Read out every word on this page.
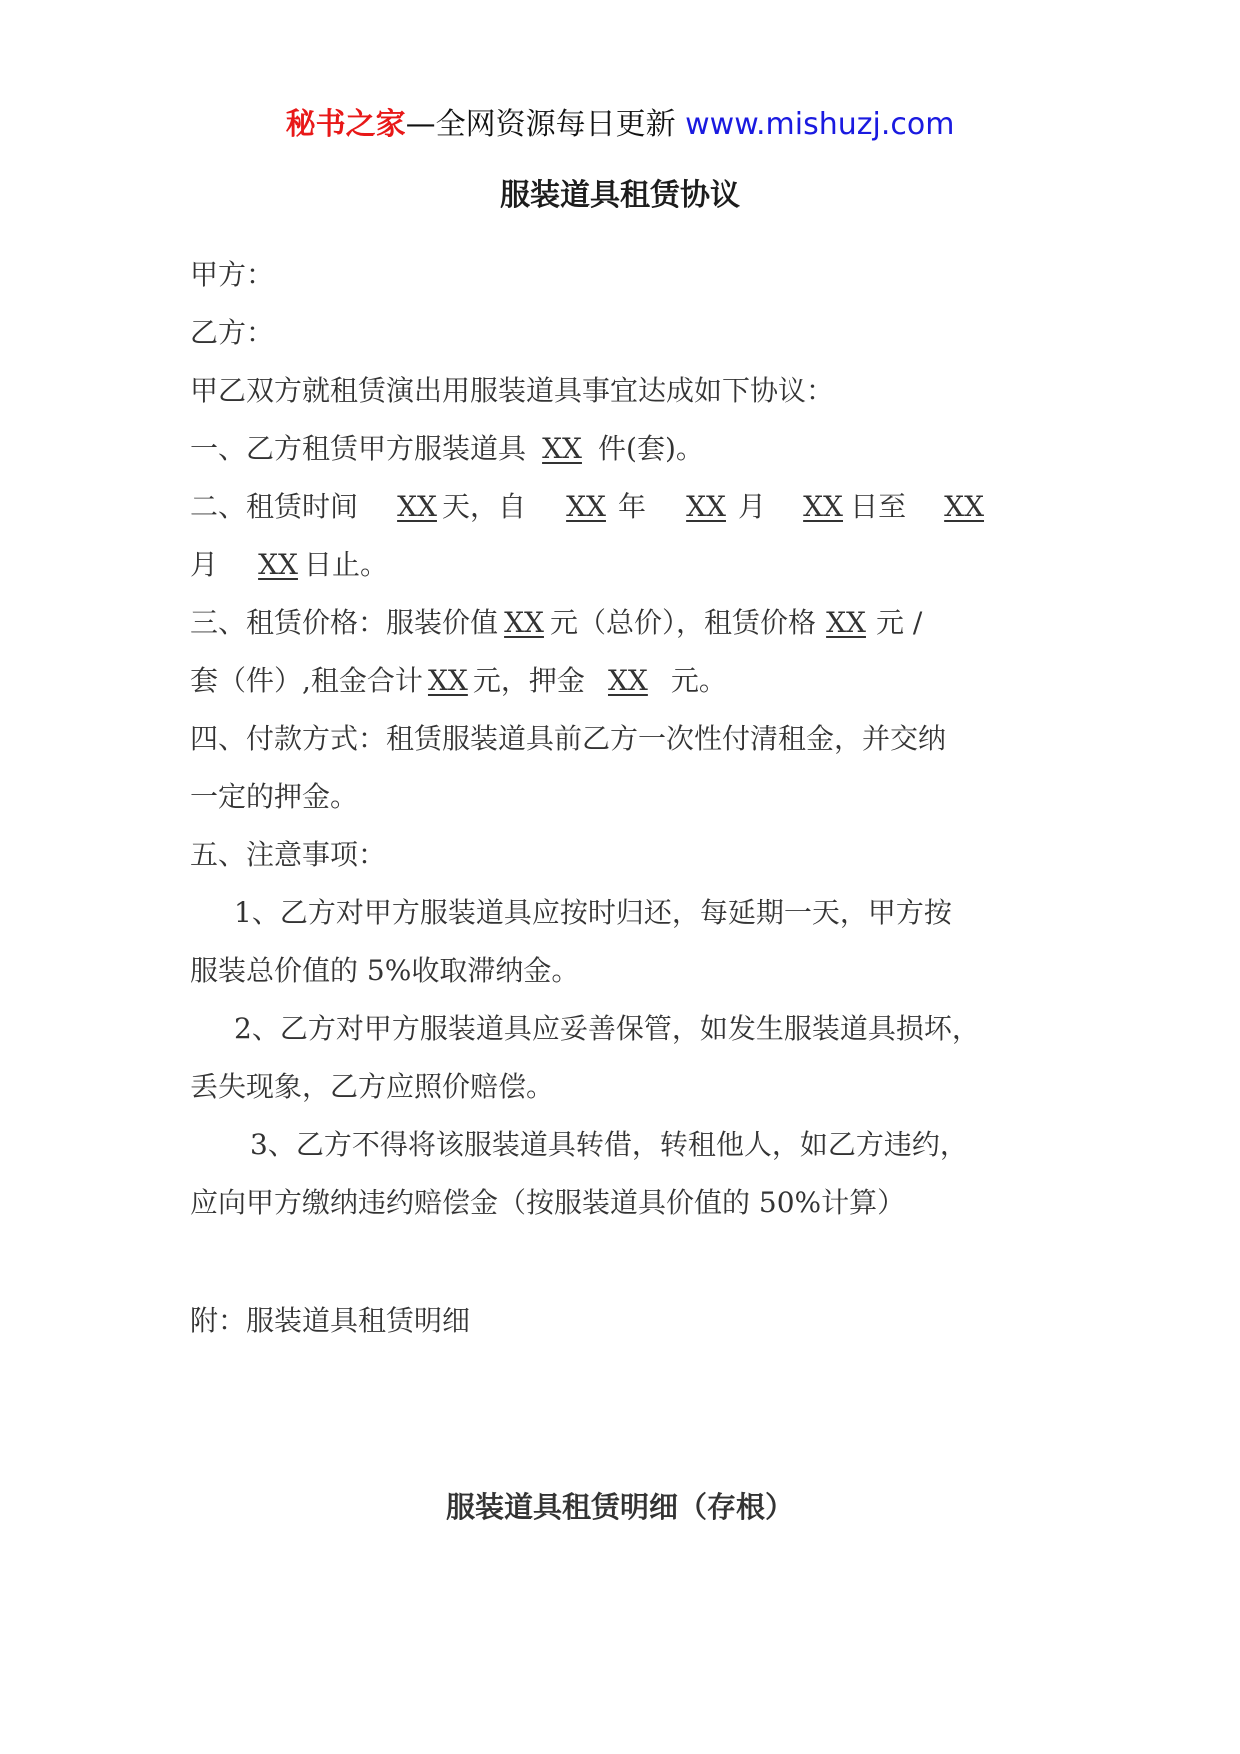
秘书之家—全网资源每日更新 www.mishuzj.com
服装道具租赁协议
甲方：
乙方：
甲乙双方就租赁演出用服装道具事宜达成如下协议：
一、乙方租赁甲方服装道具 XX 件(套)。
二、租赁时间 XX 天，自 XX 年 XX 月 XX 日至 XX
月 XX 日止。
三、租赁价格：服装价值 XX 元（总价），租赁价格 XX 元 /
套（件）,租金合计 XX 元，押金 XX 元。
四、付款方式：租赁服装道具前乙方一次性付清租金，并交纳
一定的押金。
五、注意事项：
1、乙方对甲方服装道具应按时归还，每延期一天，甲方按
服装总价值的 5%收取滞纳金。
2、乙方对甲方服装道具应妥善保管，如发生服装道具损坏，
丢失现象，乙方应照价赔偿。
3、乙方不得将该服装道具转借，转租他人，如乙方违约，
应向甲方缴纳违约赔偿金（按服装道具价值的 50%计算）
附：服装道具租赁明细
服装道具租赁明细（存根）
